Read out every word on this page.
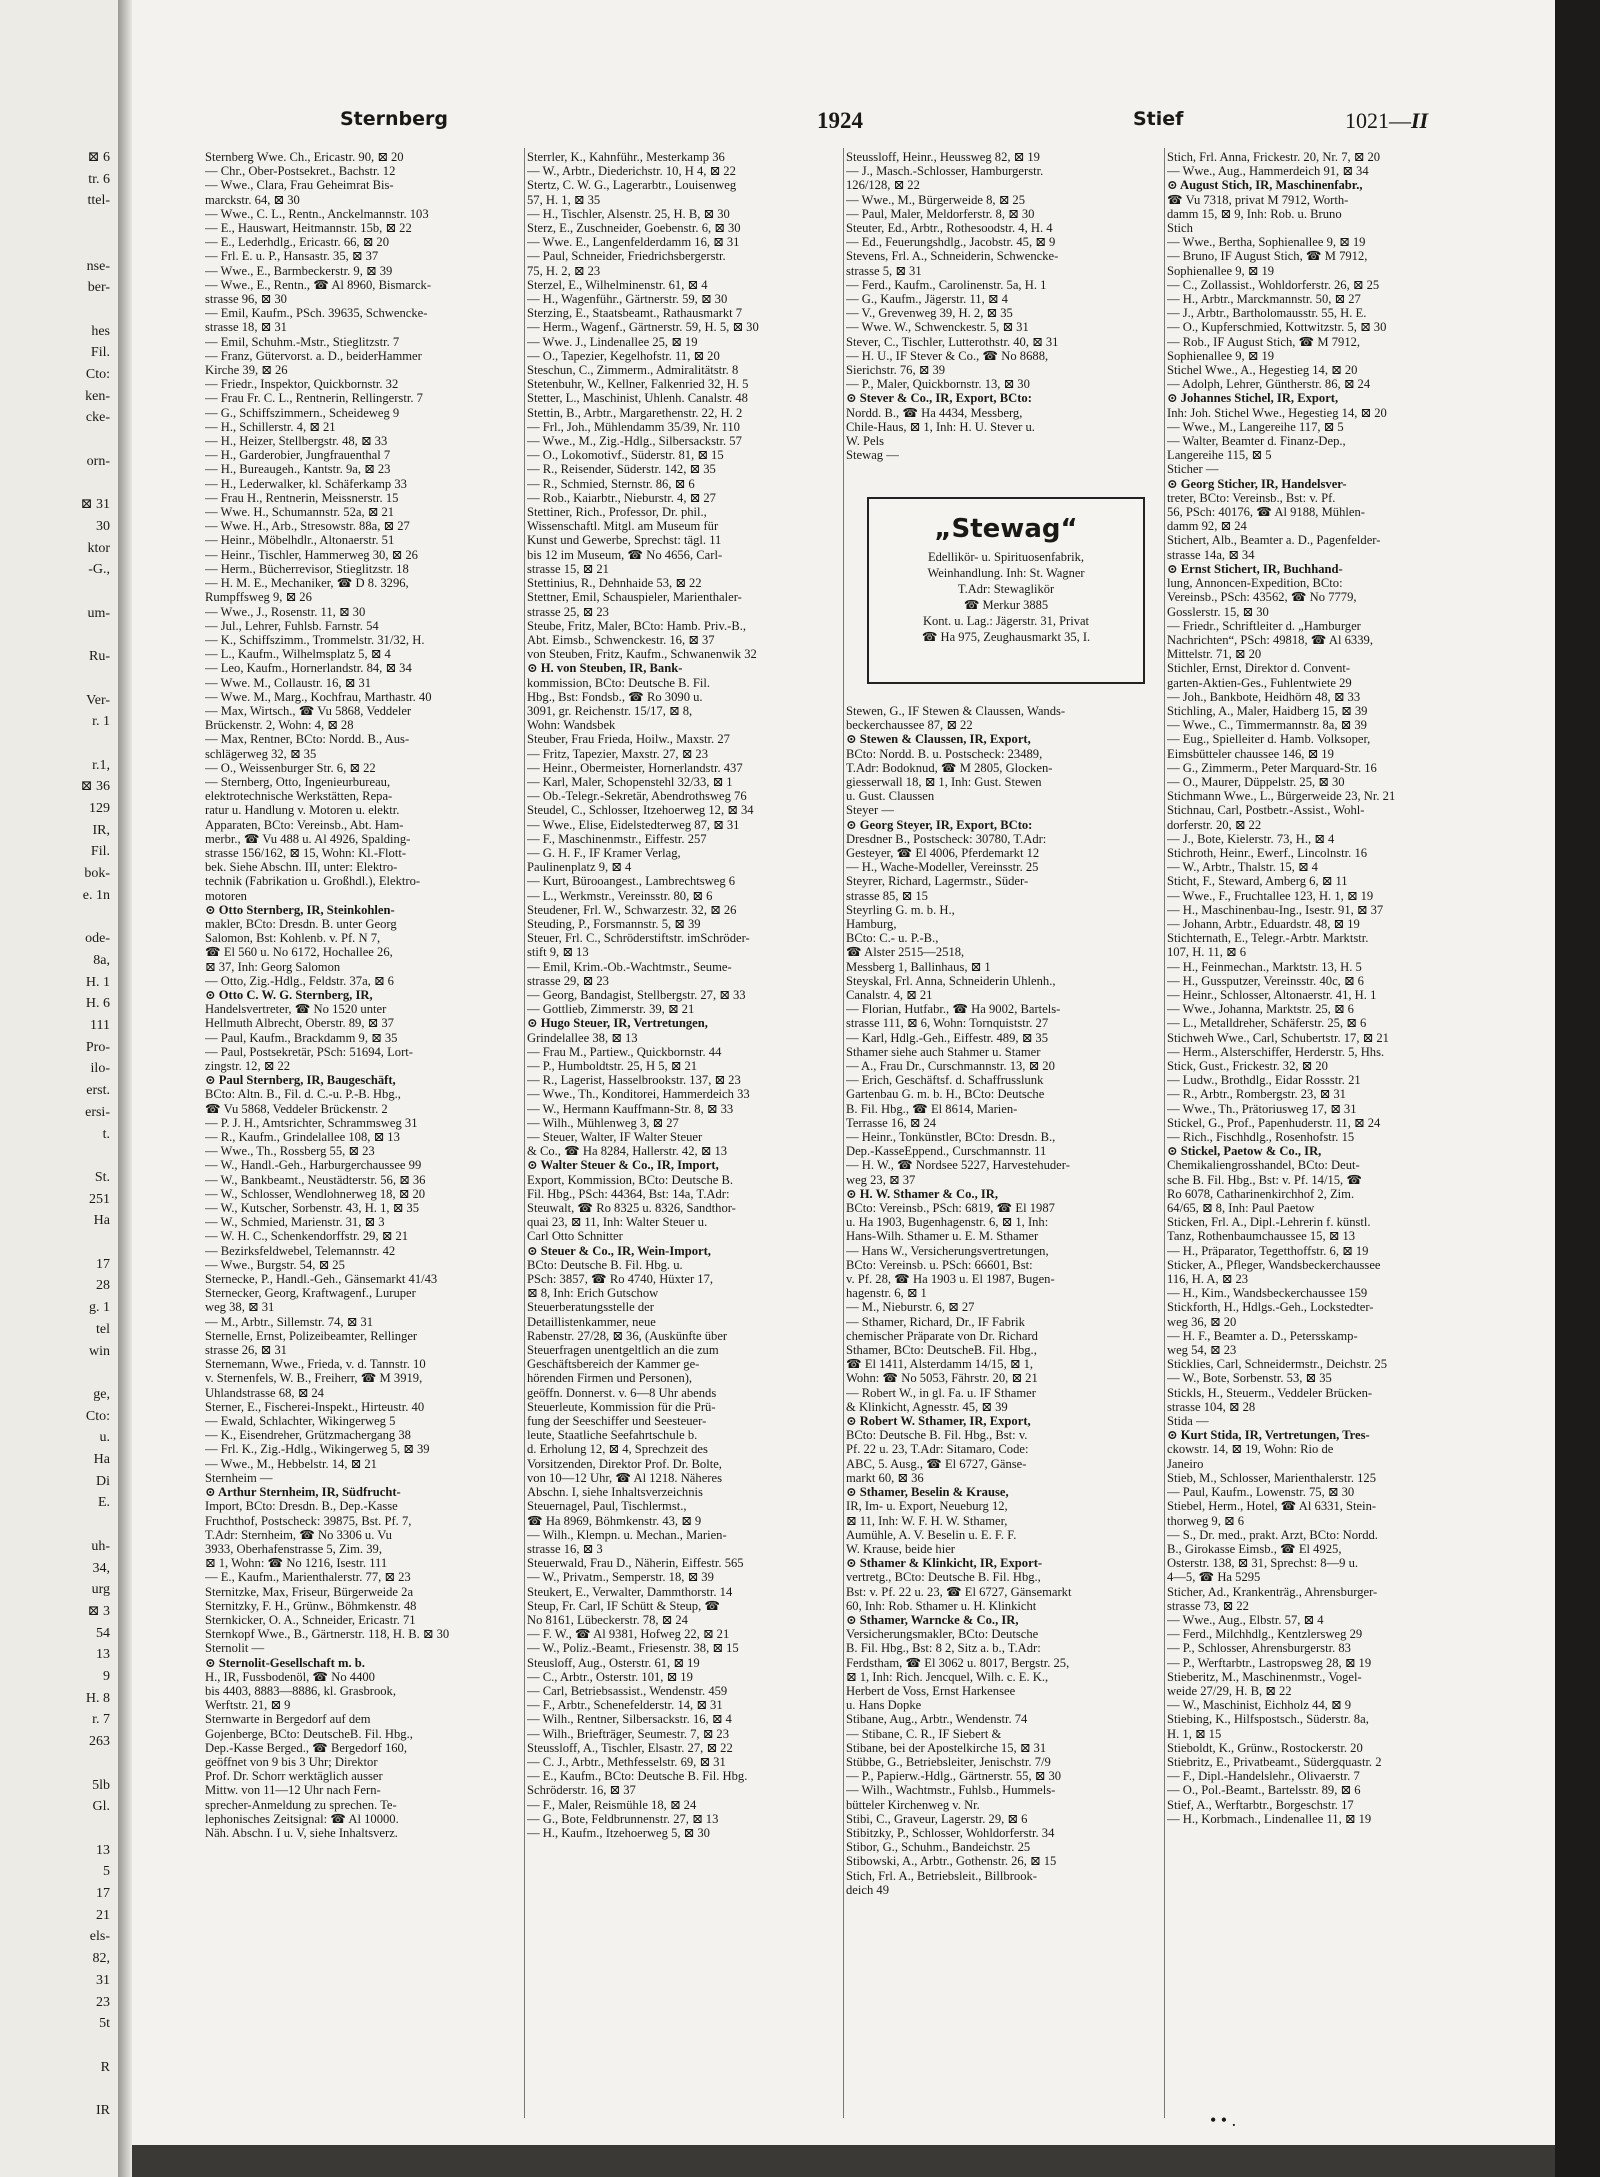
⊠ 6
tr. 6
ttel-
nse-
ber-
hes
Fil.
Cto:
ken-
cke-
orn-
⊠ 31
30
ktor
-G.,
um-
Ru-
Ver-
r. 1
r.1,
⊠ 36
129
IR,
Fil.
bok-
e. 1n
ode-
8a,
H. 1
H. 6
111
Pro-
ilo-
erst.
ersi-
t.
St.
251
Ha
17
28
g. 1
tel
win
ge,
Cto:
u.
Ha
Di
E.
uh-
34,
urg
⊠ 3
54
13
9
H. 8
r. 7
263
5lb
Gl.
13
5
17
21
els-
82,
31
23
5t
R
IR
Sternberg	1924	Stief	1021—II
Sternberg Wwe. Ch., Ericastr. 90, ⊠ 20
— Chr., Ober-Postsekret., Bachstr. 12
— Wwe., Clara, Frau Geheimrat Bis-
marckstr. 64, ⊠ 30
— Wwe., C. L., Rentn., Anckelmannstr. 103
— E., Hauswart, Heitmannstr. 15b, ⊠ 22
— E., Lederhdlg., Ericastr. 66, ⊠ 20
— Frl. E. u. P., Hansastr. 35, ⊠ 37
— Wwe., E., Barmbeckerstr. 9, ⊠ 39
— Wwe., E., Rentn., ☎ Al 8960, Bismarck-
strasse 96, ⊠ 30
— Emil, Kaufm., PSch. 39635, Schwencke-
strasse 18, ⊠ 31
— Emil, Schuhm.-Mstr., Stieglitzstr. 7
— Franz, Gütervorst. a. D., beiderHammer
Kirche 39, ⊠ 26
— Friedr., Inspektor, Quickbornstr. 32
— Frau Fr. C. L., Rentnerin, Rellingerstr. 7
— G., Schiffszimmern., Scheideweg 9
— H., Schillerstr. 4, ⊠ 21
— H., Heizer, Stellbergstr. 48, ⊠ 33
— H., Garderobier, Jungfrauenthal 7
— H., Bureaugeh., Kantstr. 9a, ⊠ 23
— H., Lederwalker, kl. Schäferkamp 33
— Frau H., Rentnerin, Meissnerstr. 15
— Wwe. H., Schumannstr. 52a, ⊠ 21
— Wwe. H., Arb., Stresowstr. 88a, ⊠ 27
— Heinr., Möbelhdlr., Altonaerstr. 51
— Heinr., Tischler, Hammerweg 30, ⊠ 26
— Herm., Bücherrevisor, Stieglitzstr. 18
— H. M. E., Mechaniker, ☎ D 8. 3296,
Rumpffsweg 9, ⊠ 26
— Wwe., J., Rosenstr. 11, ⊠ 30
— Jul., Lehrer, Fuhlsb. Farnstr. 54
— K., Schiffszimm., Trommelstr. 31/32, H.
— L., Kaufm., Wilhelmsplatz 5, ⊠ 4
— Leo, Kaufm., Hornerlandstr. 84, ⊠ 34
— Wwe. M., Collaustr. 16, ⊠ 31
— Wwe. M., Marg., Kochfrau, Marthastr. 40
— Max, Wirtsch., ☎ Vu 5868, Veddeler
Brückenstr. 2, Wohn: 4, ⊠ 28
— Max, Rentner, BCto: Nordd. B., Aus-
schlägerweg 32, ⊠ 35
— O., Weissenburger Str. 6, ⊠ 22
— Sternberg, Otto, Ingenieurbureau,
elektrotechnische Werkstätten, Repa-
ratur u. Handlung v. Motoren u. elektr.
Apparaten, BCto: Vereinsb., Abt. Ham-
merbr., ☎ Vu 488 u. Al 4926, Spalding-
strasse 156/162, ⊠ 15, Wohn: Kl.-Flott-
bek. Siehe Abschn. III, unter: Elektro-
technik (Fabrikation u. Großhdl.), Elektro-
motoren
⊙ Otto Sternberg, IR, Steinkohlen-
makler, BCto: Dresdn. B. unter Georg
Salomon, Bst: Kohlenb. v. Pf. N 7,
☎ El 560 u. No 6172, Hochallee 26,
⊠ 37, Inh: Georg Salomon
— Otto, Zig.-Hdlg., Feldstr. 37a, ⊠ 6
⊙ Otto C. W. G. Sternberg, IR,
Handelsvertreter, ☎ No 1520 unter
Hellmuth Albrecht, Oberstr. 89, ⊠ 37
— Paul, Kaufm., Brackdamm 9, ⊠ 35
— Paul, Postsekretär, PSch: 51694, Lort-
zingstr. 12, ⊠ 22
⊙ Paul Sternberg, IR, Baugeschäft,
BCto: Altn. B., Fil. d. C.-u. P.-B. Hbg.,
☎ Vu 5868, Veddeler Brückenstr. 2
— P. J. H., Amtsrichter, Schrammsweg 31
— R., Kaufm., Grindelallee 108, ⊠ 13
— Wwe., Th., Rossberg 55, ⊠ 23
— W., Handl.-Geh., Harburgerchaussee 99
— W., Bankbeamt., Neustädterstr. 56, ⊠ 36
— W., Schlosser, Wendlohnerweg 18, ⊠ 20
— W., Kutscher, Sorbenstr. 43, H. 1, ⊠ 35
— W., Schmied, Marienstr. 31, ⊠ 3
— W. H. C., Schenkendorffstr. 29, ⊠ 21
— Bezirksfeldwebel, Telemannstr. 42
— Wwe., Burgstr. 54, ⊠ 25
Sternecke, P., Handl.-Geh., Gänsemarkt 41/43
Sternecker, Georg, Kraftwagenf., Luruper
weg 38, ⊠ 31
— M., Arbtr., Sillemstr. 74, ⊠ 31
Sternelle, Ernst, Polizeibeamter, Rellinger
strasse 26, ⊠ 31
Sternemann, Wwe., Frieda, v. d. Tannstr. 10
v. Sternenfels, W. B., Freiherr, ☎ M 3919,
Uhlandstrasse 68, ⊠ 24
Sterner, E., Fischerei-Inspekt., Hirteustr. 40
— Ewald, Schlachter, Wikingerweg 5
— K., Eisendreher, Grützmachergang 38
— Frl. K., Zig.-Hdlg., Wikingerweg 5, ⊠ 39
— Wwe., M., Hebbelstr. 14, ⊠ 21
Sternheim —
⊙ Arthur Sternheim, IR, Südfrucht-
Import, BCto: Dresdn. B., Dep.-Kasse
Fruchthof, Postscheck: 39875, Bst. Pf. 7,
T.Adr: Sternheim, ☎ No 3306 u. Vu
3933, Oberhafenstrasse 5, Zim. 39,
⊠ 1, Wohn: ☎ No 1216, Isestr. 111
— E., Kaufm., Marienthalerstr. 77, ⊠ 23
Sternitzke, Max, Friseur, Bürgerweide 2a
Sternitzky, F. H., Grünw., Böhmkenstr. 48
Sternkicker, O. A., Schneider, Ericastr. 71
Sternkopf Wwe., B., Gärtnerstr. 118, H. B. ⊠ 30
Sternolit —
⊙ Sternolit-Gesellschaft m. b.
H., IR, Fussbodenöl, ☎ No 4400
bis 4403, 8883—8886, kl. Grasbrook,
Werftstr. 21, ⊠ 9
Sternwarte in Bergedorf auf dem
Gojenberge, BCto: DeutscheB. Fil. Hbg.,
Dep.-Kasse Berged., ☎ Bergedorf 160,
geöffnet von 9 bis 3 Uhr; Direktor
Prof. Dr. Schorr werktäglich ausser
Mittw. von 11—12 Uhr nach Fern-
sprecher-Anmeldung zu sprechen. Te-
lephonisches Zeitsignal: ☎ Al 10000.
Näh. Abschn. I u. V, siehe Inhaltsverz.
Sterrler, K., Kahnführ., Mesterkamp 36
— W., Arbtr., Diederichstr. 10, H 4, ⊠ 22
Stertz, C. W. G., Lagerarbtr., Louisenweg
57, H. 1, ⊠ 35
— H., Tischler, Alsenstr. 25, H. B, ⊠ 30
Sterz, E., Zuschneider, Goebenstr. 6, ⊠ 30
— Wwe. E., Langenfelderdamm 16, ⊠ 31
— Paul, Schneider, Friedrichsbergerstr.
75, H. 2, ⊠ 23
Sterzel, E., Wilhelminenstr. 61, ⊠ 4
— H., Wagenführ., Gärtnerstr. 59, ⊠ 30
Sterzing, E., Staatsbeamt., Rathausmarkt 7
— Herm., Wagenf., Gärtnerstr. 59, H. 5, ⊠ 30
— Wwe. J., Lindenallee 25, ⊠ 19
— O., Tapezier, Kegelhofstr. 11, ⊠ 20
Steschun, C., Zimmerm., Admiralitätstr. 8
Stetenbuhr, W., Kellner, Falkenried 32, H. 5
Stetter, L., Maschinist, Uhlenh. Canalstr. 48
Stettin, B., Arbtr., Margarethenstr. 22, H. 2
— Frl., Joh., Mühlendamm 35/39, Nr. 110
— Wwe., M., Zig.-Hdlg., Silbersackstr. 57
— O., Lokomotivf., Süderstr. 81, ⊠ 15
— R., Reisender, Süderstr. 142, ⊠ 35
— R., Schmied, Sternstr. 86, ⊠ 6
— Rob., Kaiarbtr., Nieburstr. 4, ⊠ 27
Stettiner, Rich., Professor, Dr. phil.,
Wissenschaftl. Mitgl. am Museum für
Kunst und Gewerbe, Sprechst: tägl. 11
bis 12 im Museum, ☎ No 4656, Carl-
strasse 15, ⊠ 21
Stettinius, R., Dehnhaide 53, ⊠ 22
Stettner, Emil, Schauspieler, Marienthaler-
strasse 25, ⊠ 23
Steube, Fritz, Maler, BCto: Hamb. Priv.-B.,
Abt. Eimsb., Schwenckestr. 16, ⊠ 37
von Steuben, Fritz, Kaufm., Schwanenwik 32
⊙ H. von Steuben, IR, Bank-
kommission, BCto: Deutsche B. Fil.
Hbg., Bst: Fondsb., ☎ Ro 3090 u.
3091, gr. Reichenstr. 15/17, ⊠ 8,
Wohn: Wandsbek
Steuber, Frau Frieda, Hoilw., Maxstr. 27
— Fritz, Tapezier, Maxstr. 27, ⊠ 23
— Heinr., Obermeister, Hornerlandstr. 437
— Karl, Maler, Schopenstehl 32/33, ⊠ 1
— Ob.-Telegr.-Sekretär, Abendrothsweg 76
Steudel, C., Schlosser, Itzehoerweg 12, ⊠ 34
— Wwe., Elise, Eidelstedterweg 87, ⊠ 31
— F., Maschinenmstr., Eiffestr. 257
— G. H. F., IF Kramer Verlag,
Paulinenplatz 9, ⊠ 4
— Kurt, Bürooangest., Lambrechtsweg 6
— L., Werkmstr., Vereinsstr. 80, ⊠ 6
Steudener, Frl. W., Schwarzestr. 32, ⊠ 26
Steuding, P., Forsmannstr. 5, ⊠ 39
Steuer, Frl. C., Schröderstiftstr. imSchröder-
stift 9, ⊠ 13
— Emil, Krim.-Ob.-Wachtmstr., Seume-
strasse 29, ⊠ 23
— Georg, Bandagist, Stellbergstr. 27, ⊠ 33
— Gottlieb, Zimmerstr. 39, ⊠ 21
⊙ Hugo Steuer, IR, Vertretungen,
Grindelallee 38, ⊠ 13
— Frau M., Partiew., Quickbornstr. 44
— P., Humboldtstr. 25, H 5, ⊠ 21
— R., Lagerist, Hasselbrookstr. 137, ⊠ 23
— Wwe., Th., Konditorei, Hammerdeich 33
— W., Hermann Kauffmann-Str. 8, ⊠ 33
— Wilh., Mühlenweg 3, ⊠ 27
— Steuer, Walter, IF Walter Steuer
& Co., ☎ Ha 8284, Hallerstr. 42, ⊠ 13
⊙ Walter Steuer & Co., IR, Import,
Export, Kommission, BCto: Deutsche B.
Fil. Hbg., PSch: 44364, Bst: 14a, T.Adr:
Steuwalt, ☎ Ro 8325 u. 8326, Sandthor-
quai 23, ⊠ 11, Inh: Walter Steuer u.
Carl Otto Schnitter
⊙ Steuer & Co., IR, Wein-Import,
BCto: Deutsche B. Fil. Hbg. u.
PSch: 3857, ☎ Ro 4740, Hüxter 17,
⊠ 8, Inh: Erich Gutschow
Steuerberatungsstelle der
Detaillistenkammer, neue
Rabenstr. 27/28, ⊠ 36, (Auskünfte über
Steuerfragen unentgeltlich an die zum
Geschäftsbereich der Kammer ge-
hörenden Firmen und Personen),
geöffn. Donnerst. v. 6—8 Uhr abends
Steuerleute, Kommission für die Prü-
fung der Seeschiffer und Seesteuer-
leute, Staatliche Seefahrtschule b.
d. Erholung 12, ⊠ 4, Sprechzeit des
Vorsitzenden, Direktor Prof. Dr. Bolte,
von 10—12 Uhr, ☎ Al 1218. Näheres
Abschn. I, siehe Inhaltsverzeichnis
Steuernagel, Paul, Tischlermst.,
☎ Ha 8969, Böhmkenstr. 43, ⊠ 9
— Wilh., Klempn. u. Mechan., Marien-
strasse 16, ⊠ 3
Steuerwald, Frau D., Näherin, Eiffestr. 565
— W., Privatm., Semperstr. 18, ⊠ 39
Steukert, E., Verwalter, Dammthorstr. 14
Steup, Fr. Carl, IF Schütt & Steup, ☎
No 8161, Lübeckerstr. 78, ⊠ 24
— F. W., ☎ Al 9381, Hofweg 22, ⊠ 21
— W., Poliz.-Beamt., Friesenstr. 38, ⊠ 15
Steusloff, Aug., Osterstr. 61, ⊠ 19
— C., Arbtr., Osterstr. 101, ⊠ 19
— Carl, Betriebsassist., Wendenstr. 459
— F., Arbtr., Schenefelderstr. 14, ⊠ 31
— Wilh., Rentner, Silbersackstr. 16, ⊠ 4
— Wilh., Briefträger, Seumestr. 7, ⊠ 23
Steussloff, A., Tischler, Elsastr. 27, ⊠ 22
— C. J., Arbtr., Methfesselstr. 69, ⊠ 31
— E., Kaufm., BCto: Deutsche B. Fil. Hbg.
Schröderstr. 16, ⊠ 37
— F., Maler, Reismühle 18, ⊠ 24
— G., Bote, Feldbrunnenstr. 27, ⊠ 13
— H., Kaufm., Itzehoerweg 5, ⊠ 30
Steussloff, Heinr., Heussweg 82, ⊠ 19
— J., Masch.-Schlosser, Hamburgerstr.
126/128, ⊠ 22
— Wwe., M., Bürgerweide 8, ⊠ 25
— Paul, Maler, Meldorferstr. 8, ⊠ 30
Steuter, Ed., Arbtr., Rothesoodstr. 4, H. 4
— Ed., Feuerungshdlg., Jacobstr. 45, ⊠ 9
Stevens, Frl. A., Schneiderin, Schwencke-
strasse 5, ⊠ 31
— Ferd., Kaufm., Carolinenstr. 5a, H. 1
— G., Kaufm., Jägerstr. 11, ⊠ 4
— V., Grevenweg 39, H. 2, ⊠ 35
— Wwe. W., Schwenckestr. 5, ⊠ 31
Stever, C., Tischler, Lutterothstr. 40, ⊠ 31
— H. U., IF Stever & Co., ☎ No 8688,
Sierichstr. 76, ⊠ 39
— P., Maler, Quickbornstr. 13, ⊠ 30
⊙ Stever & Co., IR, Export, BCto:
Nordd. B., ☎ Ha 4434, Messberg,
Chile-Haus, ⊠ 1, Inh: H. U. Stever u.
W. Pels
Stewag —

Stewen, G., IF Stewen & Claussen, Wands-
beckerchaussee 87, ⊠ 22
⊙ Stewen & Claussen, IR, Export,
BCto: Nordd. B. u. Postscheck: 23489,
T.Adr: Bodoknud, ☎ M 2805, Glocken-
giesserwall 18, ⊠ 1, Inh: Gust. Stewen
u. Gust. Claussen
Steyer —
⊙ Georg Steyer, IR, Export, BCto:
Dresdner B., Postscheck: 30780, T.Adr:
Gesteyer, ☎ El 4006, Pferdemarkt 12
— H., Wache-Modeller, Vereinsstr. 25
Steyrer, Richard, Lagermstr., Süder-
strasse 85, ⊠ 15
Steyrling G. m. b. H.,
Hamburg,
BCto: C.- u. P.-B.,
☎ Alster 2515—2518,
Messberg 1, Ballinhaus, ⊠ 1
Steyskal, Frl. Anna, Schneiderin Uhlenh.,
Canalstr. 4, ⊠ 21
— Florian, Hutfabr., ☎ Ha 9002, Bartels-
strasse 111, ⊠ 6, Wohn: Tornquiststr. 27
— Karl, Hdlg.-Geh., Eiffestr. 489, ⊠ 35
Sthamer siehe auch Stahmer u. Stamer
— A., Frau Dr., Curschmannstr. 13, ⊠ 20
— Erich, Geschäftsf. d. Schaffrusslunk
Gartenbau G. m. b. H., BCto: Deutsche
B. Fil. Hbg., ☎ El 8614, Marien-
Terrasse 16, ⊠ 24
— Heinr., Tonkünstler, BCto: Dresdn. B.,
Dep.-KasseEppend., Curschmannstr. 11
— H. W., ☎ Nordsee 5227, Harvestehuder-
weg 23, ⊠ 37
⊙ H. W. Sthamer & Co., IR,
BCto: Vereinsb., PSch: 6819, ☎ El 1987
u. Ha 1903, Bugenhagenstr. 6, ⊠ 1, Inh:
Hans-Wilh. Sthamer u. E. M. Sthamer
— Hans W., Versicherungsvertretungen,
BCto: Vereinsb. u. PSch: 66601, Bst:
v. Pf. 28, ☎ Ha 1903 u. El 1987, Bugen-
hagenstr. 6, ⊠ 1
— M., Nieburstr. 6, ⊠ 27
— Sthamer, Richard, Dr., IF Fabrik
chemischer Präparate von Dr. Richard
Sthamer, BCto: DeutscheB. Fil. Hbg.,
☎ El 1411, Alsterdamm 14/15, ⊠ 1,
Wohn: ☎ No 5053, Fährstr. 20, ⊠ 21
— Robert W., in gl. Fa. u. IF Sthamer
& Klinkicht, Agnesstr. 45, ⊠ 39
⊙ Robert W. Sthamer, IR, Export,
BCto: Deutsche B. Fil. Hbg., Bst: v.
Pf. 22 u. 23, T.Adr: Sitamaro, Code:
ABC, 5. Ausg., ☎ El 6727, Gänse-
markt 60, ⊠ 36
⊙ Sthamer, Beselin & Krause,
IR, Im- u. Export, Neueburg 12,
⊠ 11, Inh: W. F. H. W. Sthamer,
Aumühle, A. V. Beselin u. E. F. F.
W. Krause, beide hier
⊙ Sthamer & Klinkicht, IR, Export-
vertretg., BCto: Deutsche B. Fil. Hbg.,
Bst: v. Pf. 22 u. 23, ☎ El 6727, Gänsemarkt
60, Inh: Rob. Sthamer u. H. Klinkicht
⊙ Sthamer, Warncke & Co., IR,
Versicherungsmakler, BCto: Deutsche
B. Fil. Hbg., Bst: 8 2, Sitz a. b., T.Adr:
Ferdstham, ☎ El 3062 u. 8017, Bergstr. 25,
⊠ 1, Inh: Rich. Jencquel, Wilh. c. E. K.,
Herbert de Voss, Ernst Harkensee
u. Hans Dopke
Stibane, Aug., Arbtr., Wendenstr. 74
— Stibane, C. R., IF Siebert &
Stibane, bei der Apostelkirche 15, ⊠ 31
Stübbe, G., Betriebsleiter, Jenischstr. 7/9
— P., Papierw.-Hdlg., Gärtnerstr. 55, ⊠ 30
— Wilh., Wachtmstr., Fuhlsb., Hummels-
bütteler Kirchenweg v. Nr.
Stibi, C., Graveur, Lagerstr. 29, ⊠ 6
Stibitzky, P., Schlosser, Wohldorferstr. 34
Stibor, G., Schuhm., Bandeichstr. 25
Stibowski, A., Arbtr., Gothenstr. 26, ⊠ 15
Stich, Frl. A., Betriebsleit., Billbrook-
deich 49
Stich, Frl. Anna, Frickestr. 20, Nr. 7, ⊠ 20
— Wwe., Aug., Hammerdeich 91, ⊠ 34
⊙ August Stich, IR, Maschinenfabr.,
☎ Vu 7318, privat M 7912, Worth-
damm 15, ⊠ 9, Inh: Rob. u. Bruno
Stich
— Wwe., Bertha, Sophienallee 9, ⊠ 19
— Bruno, IF August Stich, ☎ M 7912,
Sophienallee 9, ⊠ 19
— C., Zollassist., Wohldorferstr. 26, ⊠ 25
— H., Arbtr., Marckmannstr. 50, ⊠ 27
— J., Arbtr., Bartholomausstr. 55, H. E.
— O., Kupferschmied, Kottwitzstr. 5, ⊠ 30
— Rob., IF August Stich, ☎ M 7912,
Sophienallee 9, ⊠ 19
Stichel Wwe., A., Hegestieg 14, ⊠ 20
— Adolph, Lehrer, Güntherstr. 86, ⊠ 24
⊙ Johannes Stichel, IR, Export,
Inh: Joh. Stichel Wwe., Hegestieg 14, ⊠ 20
— Wwe., M., Langereihe 117, ⊠ 5
— Walter, Beamter d. Finanz-Dep.,
Langereihe 115, ⊠ 5
Sticher —
⊙ Georg Sticher, IR, Handelsver-
treter, BCto: Vereinsb., Bst: v. Pf.
56, PSch: 40176, ☎ Al 9188, Mühlen-
damm 92, ⊠ 24
Stichert, Alb., Beamter a. D., Pagenfelder-
strasse 14a, ⊠ 34
⊙ Ernst Stichert, IR, Buchhand-
lung, Annoncen-Expedition, BCto:
Vereinsb., PSch: 43562, ☎ No 7779,
Gosslerstr. 15, ⊠ 30
— Friedr., Schriftleiter d. „Hamburger
Nachrichten“, PSch: 49818, ☎ Al 6339,
Mittelstr. 71, ⊠ 20
Stichler, Ernst, Direktor d. Convent-
garten-Aktien-Ges., Fuhlentwiete 29
— Joh., Bankbote, Heidhörn 48, ⊠ 33
Stichling, A., Maler, Haidberg 15, ⊠ 39
— Wwe., C., Timmermannstr. 8a, ⊠ 39
— Eug., Spielleiter d. Hamb. Volksoper,
Eimsbütteler chaussee 146, ⊠ 19
— G., Zimmerm., Peter Marquard-Str. 16
— O., Maurer, Düppelstr. 25, ⊠ 30
Stichmann Wwe., L., Bürgerweide 23, Nr. 21
Stichnau, Carl, Postbetr.-Assist., Wohl-
dorferstr. 20, ⊠ 22
— J., Bote, Kielerstr. 73, H., ⊠ 4
Stichroth, Heinr., Ewerf., Lincolnstr. 16
— W., Arbtr., Thalstr. 15, ⊠ 4
Sticht, F., Steward, Amberg 6, ⊠ 11
— Wwe., F., Fruchtallee 123, H. 1, ⊠ 19
— H., Maschinenbau-Ing., Isestr. 91, ⊠ 37
— Johann, Arbtr., Eduardstr. 48, ⊠ 19
Stichternath, E., Telegr.-Arbtr. Marktstr.
107, H. 11, ⊠ 6
— H., Feinmechan., Marktstr. 13, H. 5
— H., Gussputzer, Vereinsstr. 40c, ⊠ 6
— Heinr., Schlosser, Altonaerstr. 41, H. 1
— Wwe., Johanna, Marktstr. 25, ⊠ 6
— L., Metalldreher, Schäferstr. 25, ⊠ 6
Stichweh Wwe., Carl, Schubertstr. 17, ⊠ 21
— Herm., Alsterschiffer, Herderstr. 5, Hhs.
Stick, Gust., Frickestr. 32, ⊠ 20
— Ludw., Brothdlg., Eidar Rossstr. 21
— R., Arbtr., Rombergstr. 23, ⊠ 31
— Wwe., Th., Prätoriusweg 17, ⊠ 31
Stickel, G., Prof., Papenhuderstr. 11, ⊠ 24
— Rich., Fischhdlg., Rosenhofstr. 15
⊙ Stickel, Paetow & Co., IR,
Chemikaliengrosshandel, BCto: Deut-
sche B. Fil. Hbg., Bst: v. Pf. 14/15, ☎
Ro 6078, Catharinenkirchhof 2, Zim.
64/65, ⊠ 8, Inh: Paul Paetow
Sticken, Frl. A., Dipl.-Lehrerin f. künstl.
Tanz, Rothenbaumchaussee 15, ⊠ 13
— H., Präparator, Tegetthoffstr. 6, ⊠ 19
Sticker, A., Pfleger, Wandsbeckerchaussee
116, H. A, ⊠ 23
— H., Kim., Wandsbeckerchaussee 159
Stickforth, H., Hdlgs.-Geh., Lockstedter-
weg 36, ⊠ 20
— H. F., Beamter a. D., Petersskamp-
weg 54, ⊠ 23
Sticklies, Carl, Schneidermstr., Deichstr. 25
— W., Bote, Sorbenstr. 53, ⊠ 35
Stickls, H., Steuerm., Veddeler Brücken-
strasse 104, ⊠ 28
Stida —
⊙ Kurt Stida, IR, Vertretungen, Tres-
ckowstr. 14, ⊠ 19, Wohn: Rio de
Janeiro
Stieb, M., Schlosser, Marienthalerstr. 125
— Paul, Kaufm., Lowenstr. 75, ⊠ 30
Stiebel, Herm., Hotel, ☎ Al 6331, Stein-
thorweg 9, ⊠ 6
— S., Dr. med., prakt. Arzt, BCto: Nordd.
B., Girokasse Eimsb., ☎ El 4925,
Osterstr. 138, ⊠ 31, Sprechst: 8—9 u.
4—5, ☎ Ha 5295
Sticher, Ad., Krankenträg., Ahrensburger-
strasse 73, ⊠ 22
— Wwe., Aug., Elbstr. 57, ⊠ 4
— Ferd., Milchhdlg., Kentzlersweg 29
— P., Schlosser, Ahrensburgerstr. 83
— P., Werftarbtr., Lastropsweg 28, ⊠ 19
Stieberitz, M., Maschinenmstr., Vogel-
weide 27/29, H. B, ⊠ 22
— W., Maschinist, Eichholz 44, ⊠ 9
Stiebing, K., Hilfspostsch., Süderstr. 8a,
H. 1, ⊠ 15
Stieboldt, K., Grünw., Rostockerstr. 20
Stiebritz, E., Privatbeamt., Südergquastr. 2
— F., Dipl.-Handelslehr., Olivaerstr. 7
— O., Pol.-Beamt., Bartelsstr. 89, ⊠ 6
Stief, A., Werftarbtr., Borgeschstr. 17
— H., Korbmach., Lindenallee 11, ⊠ 19
„Stewag“
Edellikör- u. Spirituosenfabrik,
Weinhandlung. Inh: St. Wagner
T.Adr: Stewaglikör
☎ Merkur 3885
Kont. u. Lag.: Jägerstr. 31, Privat
☎ Ha 975, Zeughausmarkt 35, I.
• • .
